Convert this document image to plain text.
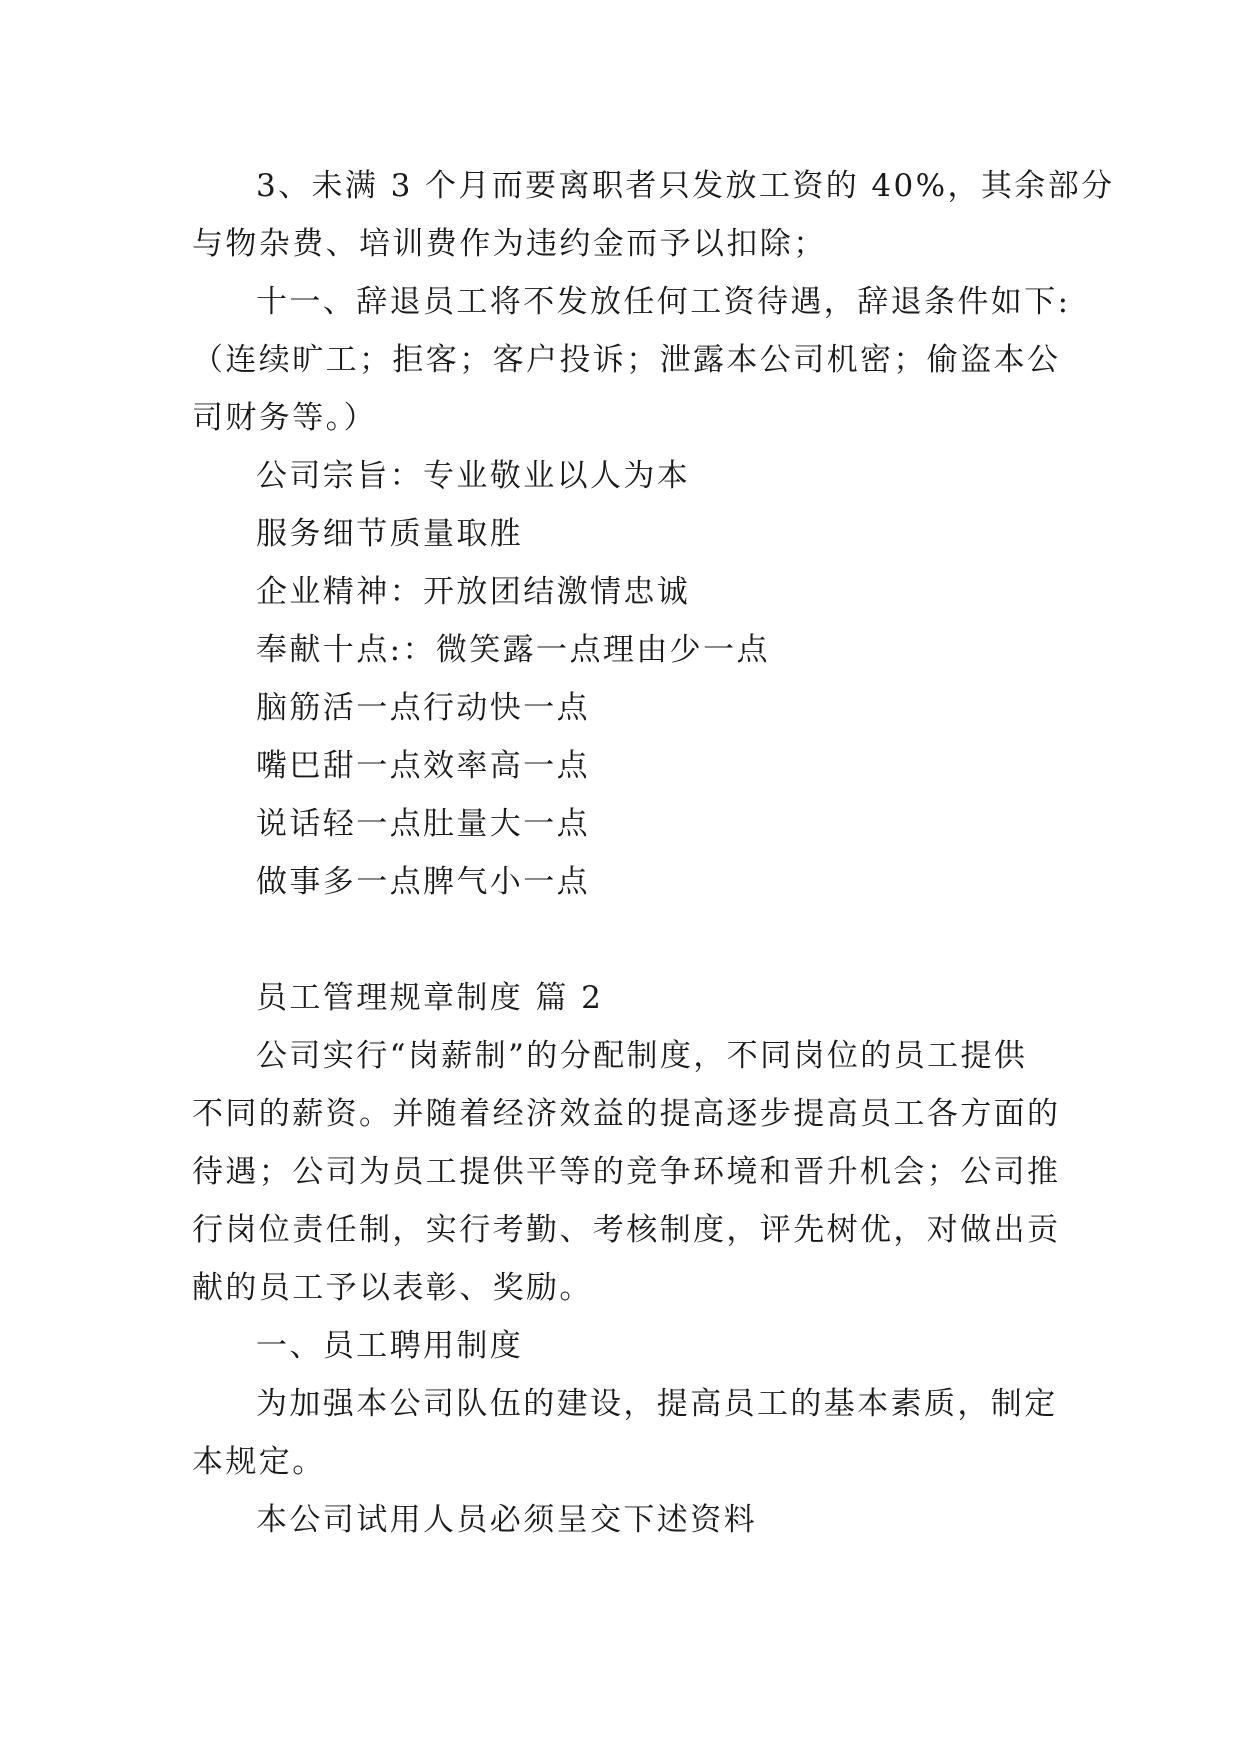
3、未满 3 个月而要离职者只发放工资的 40%，其余部分
与物杂费、培训费作为违约金而予以扣除；
十一、辞退员工将不发放任何工资待遇，辞退条件如下:
（连续旷工；拒客；客户投诉；泄露本公司机密；偷盗本公
司财务等。）
公司宗旨：专业敬业以人为本
服务细节质量取胜
企业精神：开放团结激情忠诚
奉献十点:：微笑露一点理由少一点
脑筋活一点行动快一点
嘴巴甜一点效率高一点
说话轻一点肚量大一点
做事多一点脾气小一点
员工管理规章制度 篇 2
公司实行“岗薪制”的分配制度，不同岗位的员工提供
不同的薪资。并随着经济效益的提高逐步提高员工各方面的
待遇；公司为员工提供平等的竞争环境和晋升机会；公司推
行岗位责任制，实行考勤、考核制度，评先树优，对做出贡
献的员工予以表彰、奖励。
一、员工聘用制度
为加强本公司队伍的建设，提高员工的基本素质，制定
本规定。
本公司试用人员必须呈交下述资料
